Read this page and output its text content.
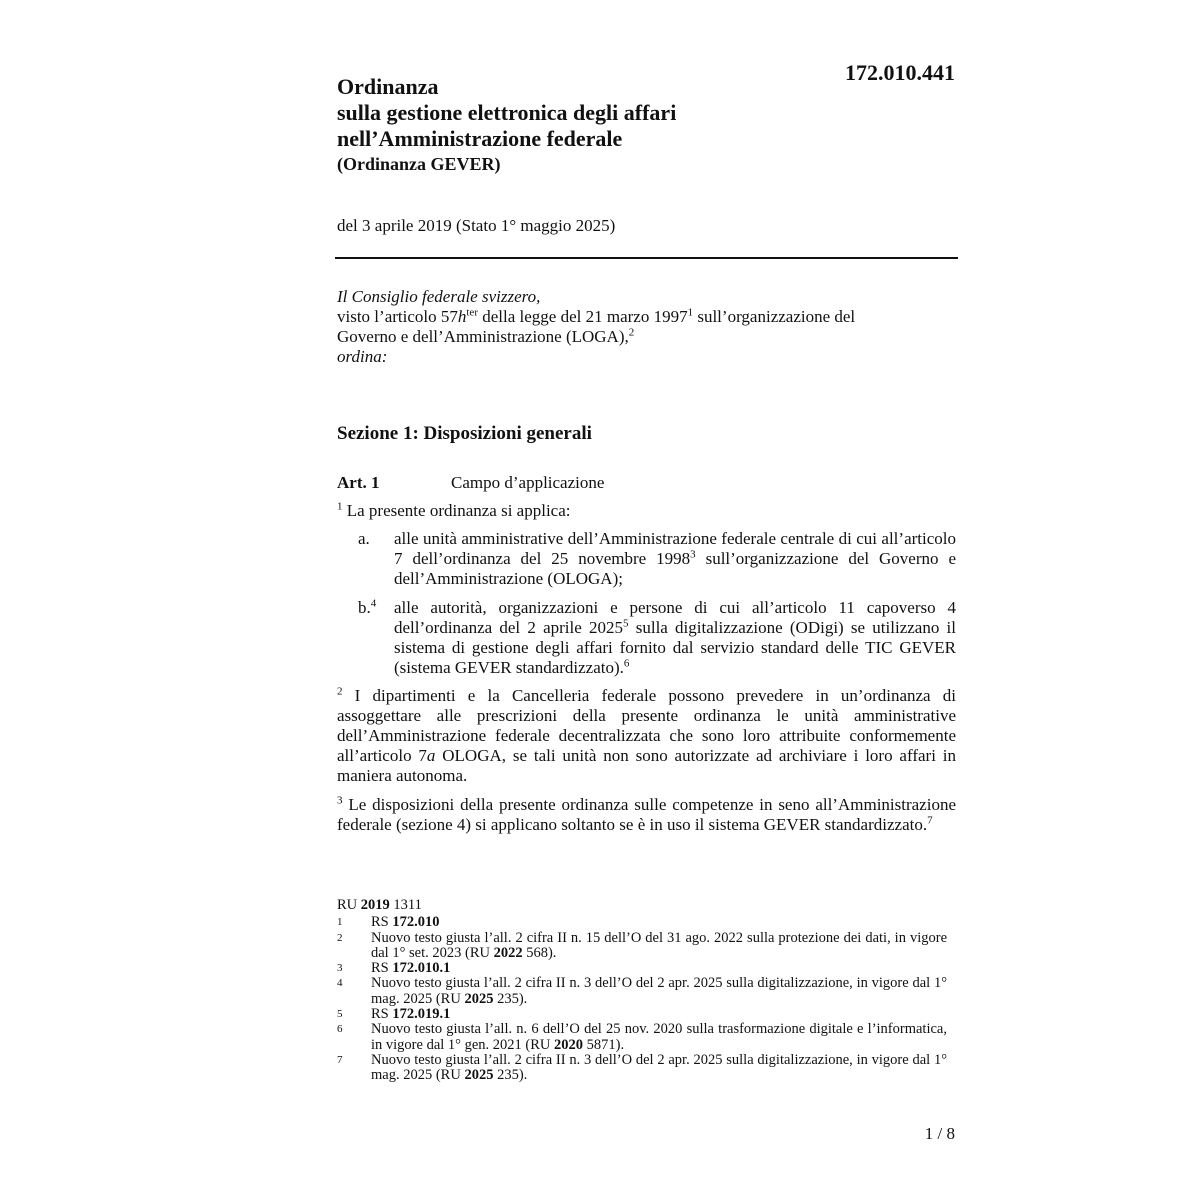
172.010.441
Ordinanza
sulla gestione elettronica degli affari
nell’Amministrazione federale
(Ordinanza GEVER)
del 3 aprile 2019 (Stato 1° maggio 2025)
Il Consiglio federale svizzero,
visto l’articolo $57h^{ter}$ della legge del 21 marzo 1997$^1$ sull’organizzazione del Governo e dell’Amministrazione (LOGA),$^2$
ordina:
Sezione 1: Disposizioni generali
Art. 1	Campo d’applicazione
$^1$ La presente ordinanza si applica:
a. alle unità amministrative dell’Amministrazione federale centrale di cui all’articolo 7 dell’ordinanza del 25 novembre 1998$^3$ sull’organizzazione del Governo e dell’Amministrazione (OLOGA);
b.$^4$ alle autorità, organizzazioni e persone di cui all’articolo 11 capoverso 4 dell’ordinanza del 2 aprile 2025$^5$ sulla digitalizzazione (ODigi) se utilizzano il sistema di gestione degli affari fornito dal servizio standard delle TIC GEVER (sistema GEVER standardizzato).$^6$
$^2$ I dipartimenti e la Cancelleria federale possono prevedere in un’ordinanza di assoggettare alle prescrizioni della presente ordinanza le unità amministrative dell’Amministrazione federale decentralizzata che sono loro attribuite conformemente all’articolo 7a OLOGA, se tali unità non sono autorizzate ad archiviare i loro affari in maniera autonoma.
$^3$ Le disposizioni della presente ordinanza sulle competenze in seno all’Amministrazione federale (sezione 4) si applicano soltanto se è in uso il sistema GEVER standardizzato.$^7$
RU 2019 1311
1	RS 172.010
2	Nuovo testo giusta l’all. 2 cifra II n. 15 dell’O del 31 ago. 2022 sulla protezione dei dati, in vigore dal 1° set. 2023 (RU 2022 568).
3	RS 172.010.1
4	Nuovo testo giusta l’all. 2 cifra II n. 3 dell’O del 2 apr. 2025 sulla digitalizzazione, in vigore dal 1° mag. 2025 (RU 2025 235).
5	RS 172.019.1
6	Nuovo testo giusta l’all. n. 6 dell’O del 25 nov. 2020 sulla trasformazione digitale e l’informatica, in vigore dal 1° gen. 2021 (RU 2020 5871).
7	Nuovo testo giusta l’all. 2 cifra II n. 3 dell’O del 2 apr. 2025 sulla digitalizzazione, in vigore dal 1° mag. 2025 (RU 2025 235).
1 / 8
